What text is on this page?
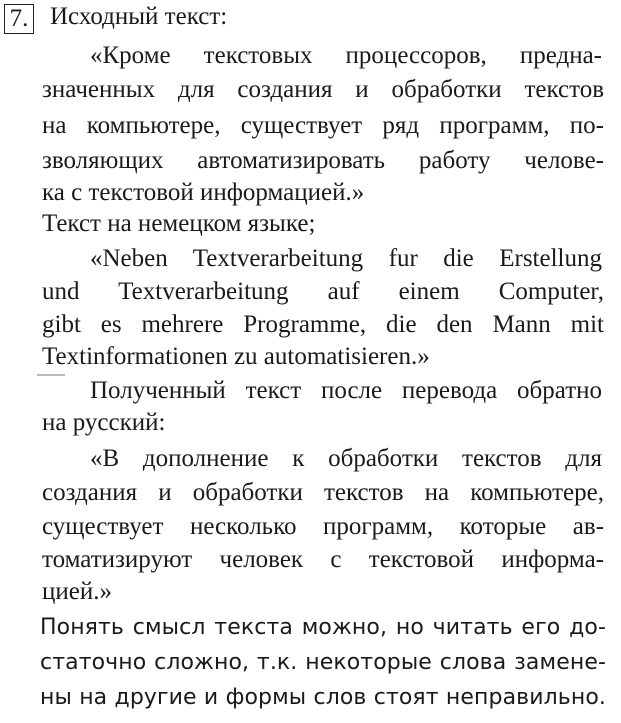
7. Исходный текст:
«Кроме текстовых процессоров, предна-
значенных для создания и обработки текстов
на компьютере, существует ряд программ, по-
зволяющих автоматизировать работу челове-
ка с текстовой информацией.»
Текст на немецком языке;
«Neben Textverarbeitung fur die Erstellung
und Textverarbeitung auf einem Computer,
gibt es mehrere Programme, die den Mann mit
Textinformationen zu automatisieren.»
Полученный текст после перевода обратно
на русский:
«В дополнение к обработки текстов для
создания и обработки текстов на компьютере,
существует несколько программ, которые ав-
томатизируют человек с текстовой информа-
цией.»
Понять смысл текста можно, но читать его до-
статочно сложно, т.к. некоторые слова замене-
ны на другие и формы слов стоят неправильно.
